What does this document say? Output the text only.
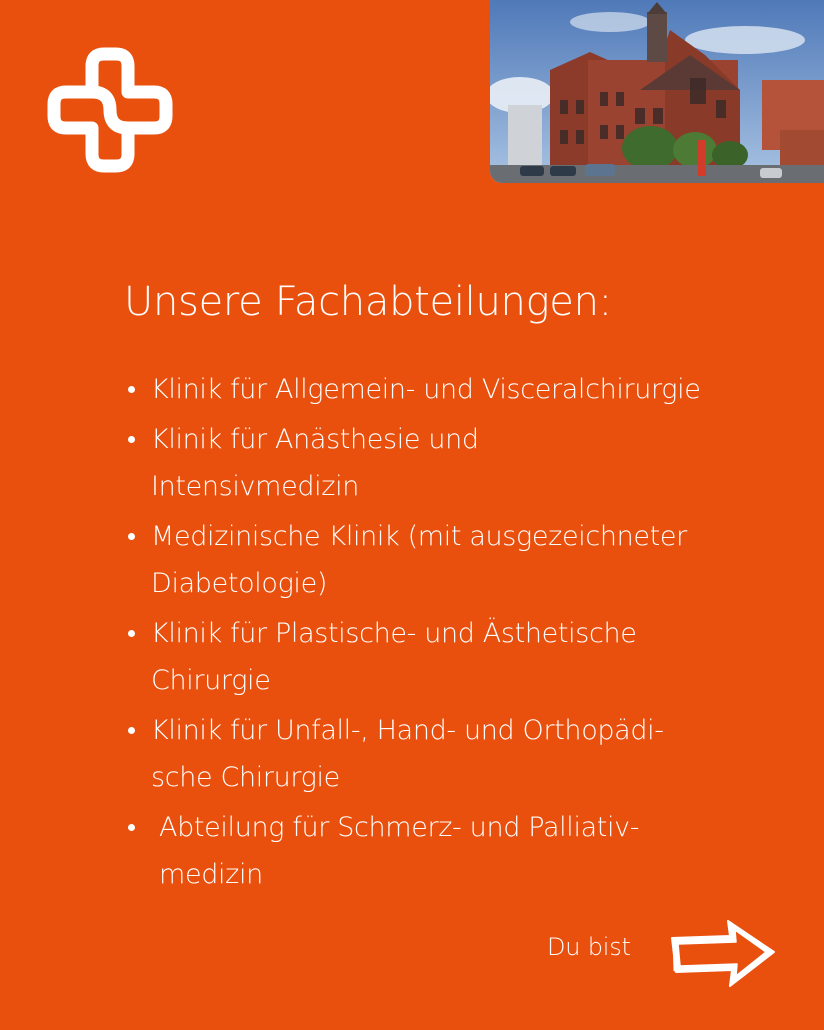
Unsere Fachabteilungen:
Klinik für Allgemein- und Visceralchirurgie
Klinik für Anästhesie und
Intensivmedizin
Medizinische Klinik (mit ausgezeichneter
Diabetologie)
Klinik für Plastische- und Ästhetische
Chirurgie
Klinik für Unfall-, Hand- und Orthopädi-
sche Chirurgie
Abteilung für Schmerz- und Palliativ-
medizin
Du bist
